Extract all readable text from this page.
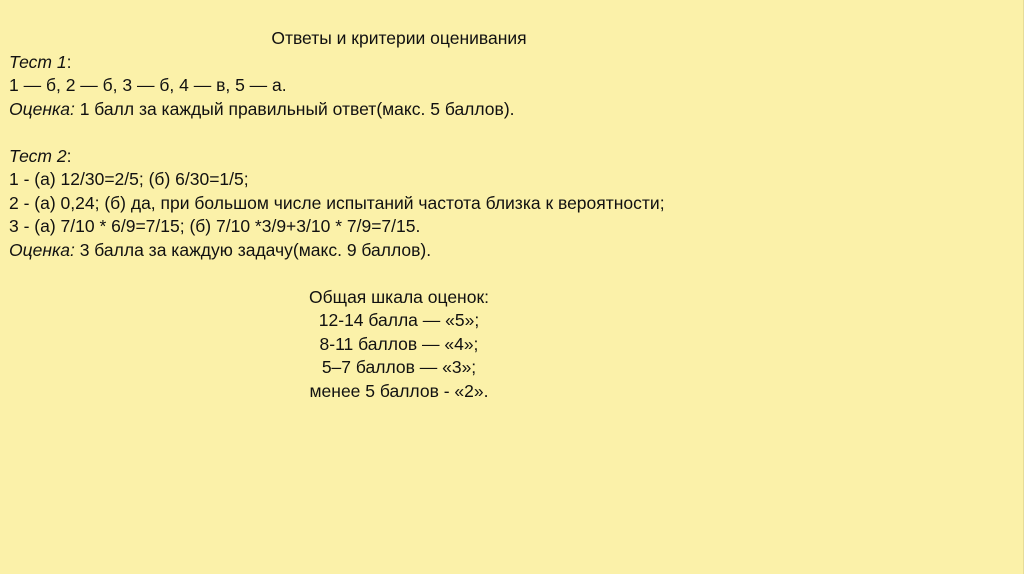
Ответы и критерии оценивания
Тест 1:
1 — б, 2 — б, 3 — б, 4 — в, 5 — а.
Оценка: 1 балл за каждый правильный ответ(макс. 5 баллов).
Тест 2:
1 - (а) 12/30=2/5; (б) 6/30=1/5;
2 - (а) 0,24; (б) да, при большом числе испытаний частота близка к вероятности;
3 - (а) 7/10 * 6/9=7/15; (б) 7/10 *3/9+3/10 * 7/9=7/15.
Оценка: 3 балла за каждую задачу(макс. 9 баллов).
Общая шкала оценок:
12-14 балла — «5»;
8-11 баллов — «4»;
5–7 баллов — «3»;
менее 5 баллов - «2».
